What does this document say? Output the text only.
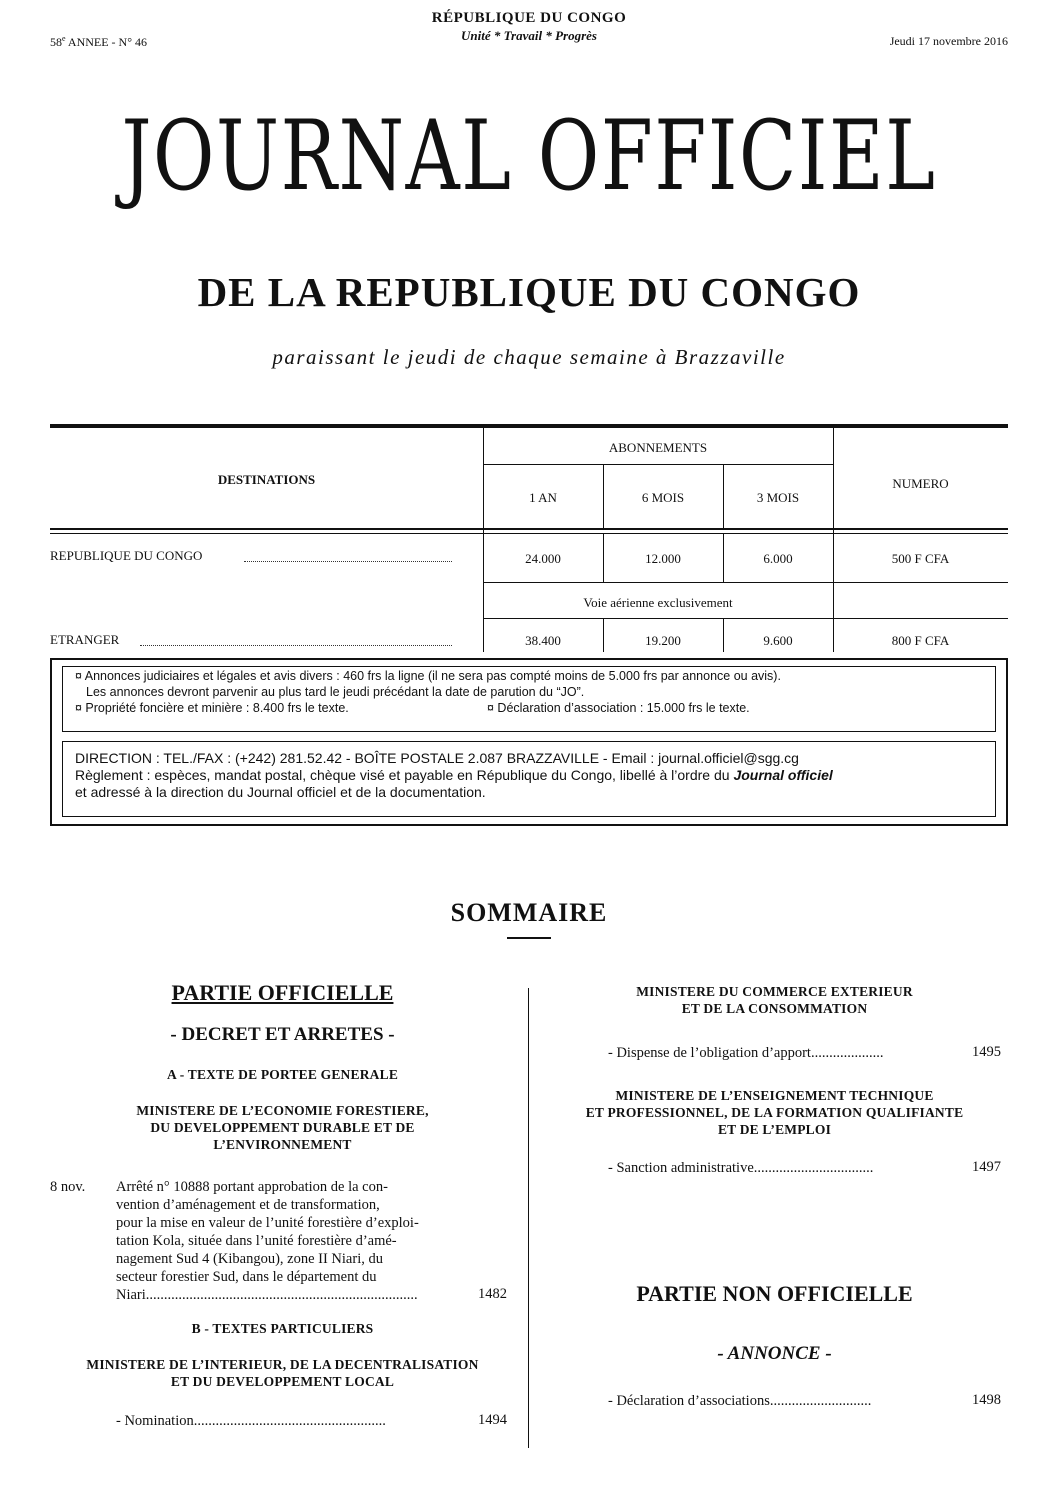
58e ANNEE - N° 46
RÉPUBLIQUE DU CONGO
Unité * Travail * Progrès	Jeudi 17 novembre 2016
JOURNAL OFFICIEL
DE LA REPUBLIQUE DU CONGO
paraissant le jeudi de chaque semaine à Brazzaville
DESTINATIONS
ABONNEMENTS
NUMERO
1 AN	6 MOIS	3 MOIS
REPUBLIQUE DU CONGO	24.000	12.000	6.000	500 F CFA
Voie aérienne exclusivement
ETRANGER	38.400	19.200	9.600	800 F CFA
¤ Annonces judiciaires et légales et avis divers : 460 frs la ligne (il ne sera pas compté moins de 5.000 frs par annonce ou avis).
Les annonces devront parvenir au plus tard le jeudi précédant la date de parution du “JO”.
¤ Propriété foncière et minière : 8.400 frs le texte.	¤ Déclaration d’association : 15.000 frs le texte.
DIRECTION : TEL./FAX : (+242) 281.52.42 - BOÎTE POSTALE 2.087 BRAZZAVILLE - Email : journal.officiel@sgg.cg
Règlement : espèces, mandat postal, chèque visé et payable en République du Congo, libellé à l’ordre du Journal officiel
et adressé à la direction du Journal officiel et de la documentation.
SOMMAIRE
PARTIE OFFICIELLE
- DECRET ET ARRETES -
A - TEXTE DE PORTEE GENERALE
MINISTERE DE L’ECONOMIE FORESTIERE,
DU DEVELOPPEMENT DURABLE ET DE
L’ENVIRONNEMENT
8 nov. Arrêté n° 10888 portant approbation de la con-
vention d’aménagement et de transformation,
pour la mise en valeur de l’unité forestière d’exploi-
tation Kola, située dans l’unité forestière d’amé-
nagement Sud 4 (Kibangou), zone II Niari, du
secteur forestier Sud, dans le département du
Niari...........................................................................	1482
B - TEXTES PARTICULIERS
MINISTERE DE L’INTERIEUR, DE LA DECENTRALISATION
ET DU DEVELOPPEMENT LOCAL
- Nomination.....................................................	1494
MINISTERE DU COMMERCE EXTERIEUR
ET DE LA CONSOMMATION
- Dispense de l’obligation d’apport....................	1495
MINISTERE DE L’ENSEIGNEMENT TECHNIQUE
ET PROFESSIONNEL, DE LA FORMATION QUALIFIANTE
ET DE L’EMPLOI
- Sanction administrative.................................	1497
PARTIE NON OFFICIELLE
- ANNONCE -
- Déclaration d’associations............................	1498
